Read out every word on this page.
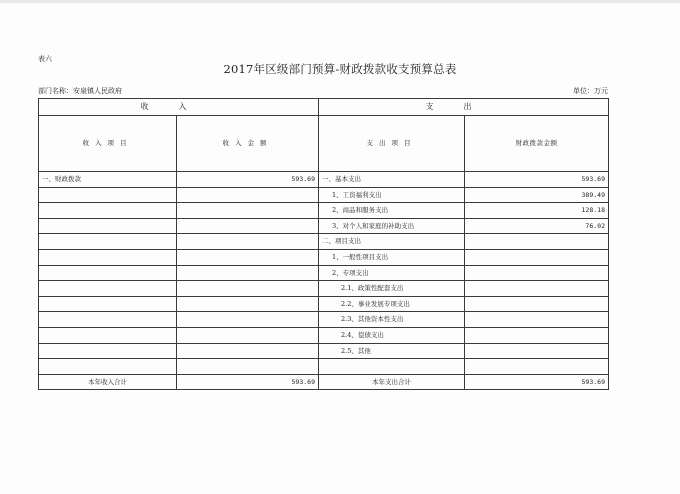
表六
2017年区级部门预算-财政拨款收支预算总表
部门名称：安泉镇人民政府	单位：万元
收入		支出	
收入项目	收入金额	支出项目	财政拨款金额
一、财政拨款	593.69	一、基本支出	593.69
		1、工资福利支出	389.49
		2、商品和服务支出	128.18
		3、对个人和家庭的补助支出	76.02
		二、项目支出	
		1、一般性项目支出	
		2、专项支出	
		2.1、政策性配套支出	
		2.2、事业发展专项支出	
		2.3、其他资本性支出	
		2.4、偿债支出	
		2.5、其他	

本年收入合计	593.69	本年支出合计	593.69
